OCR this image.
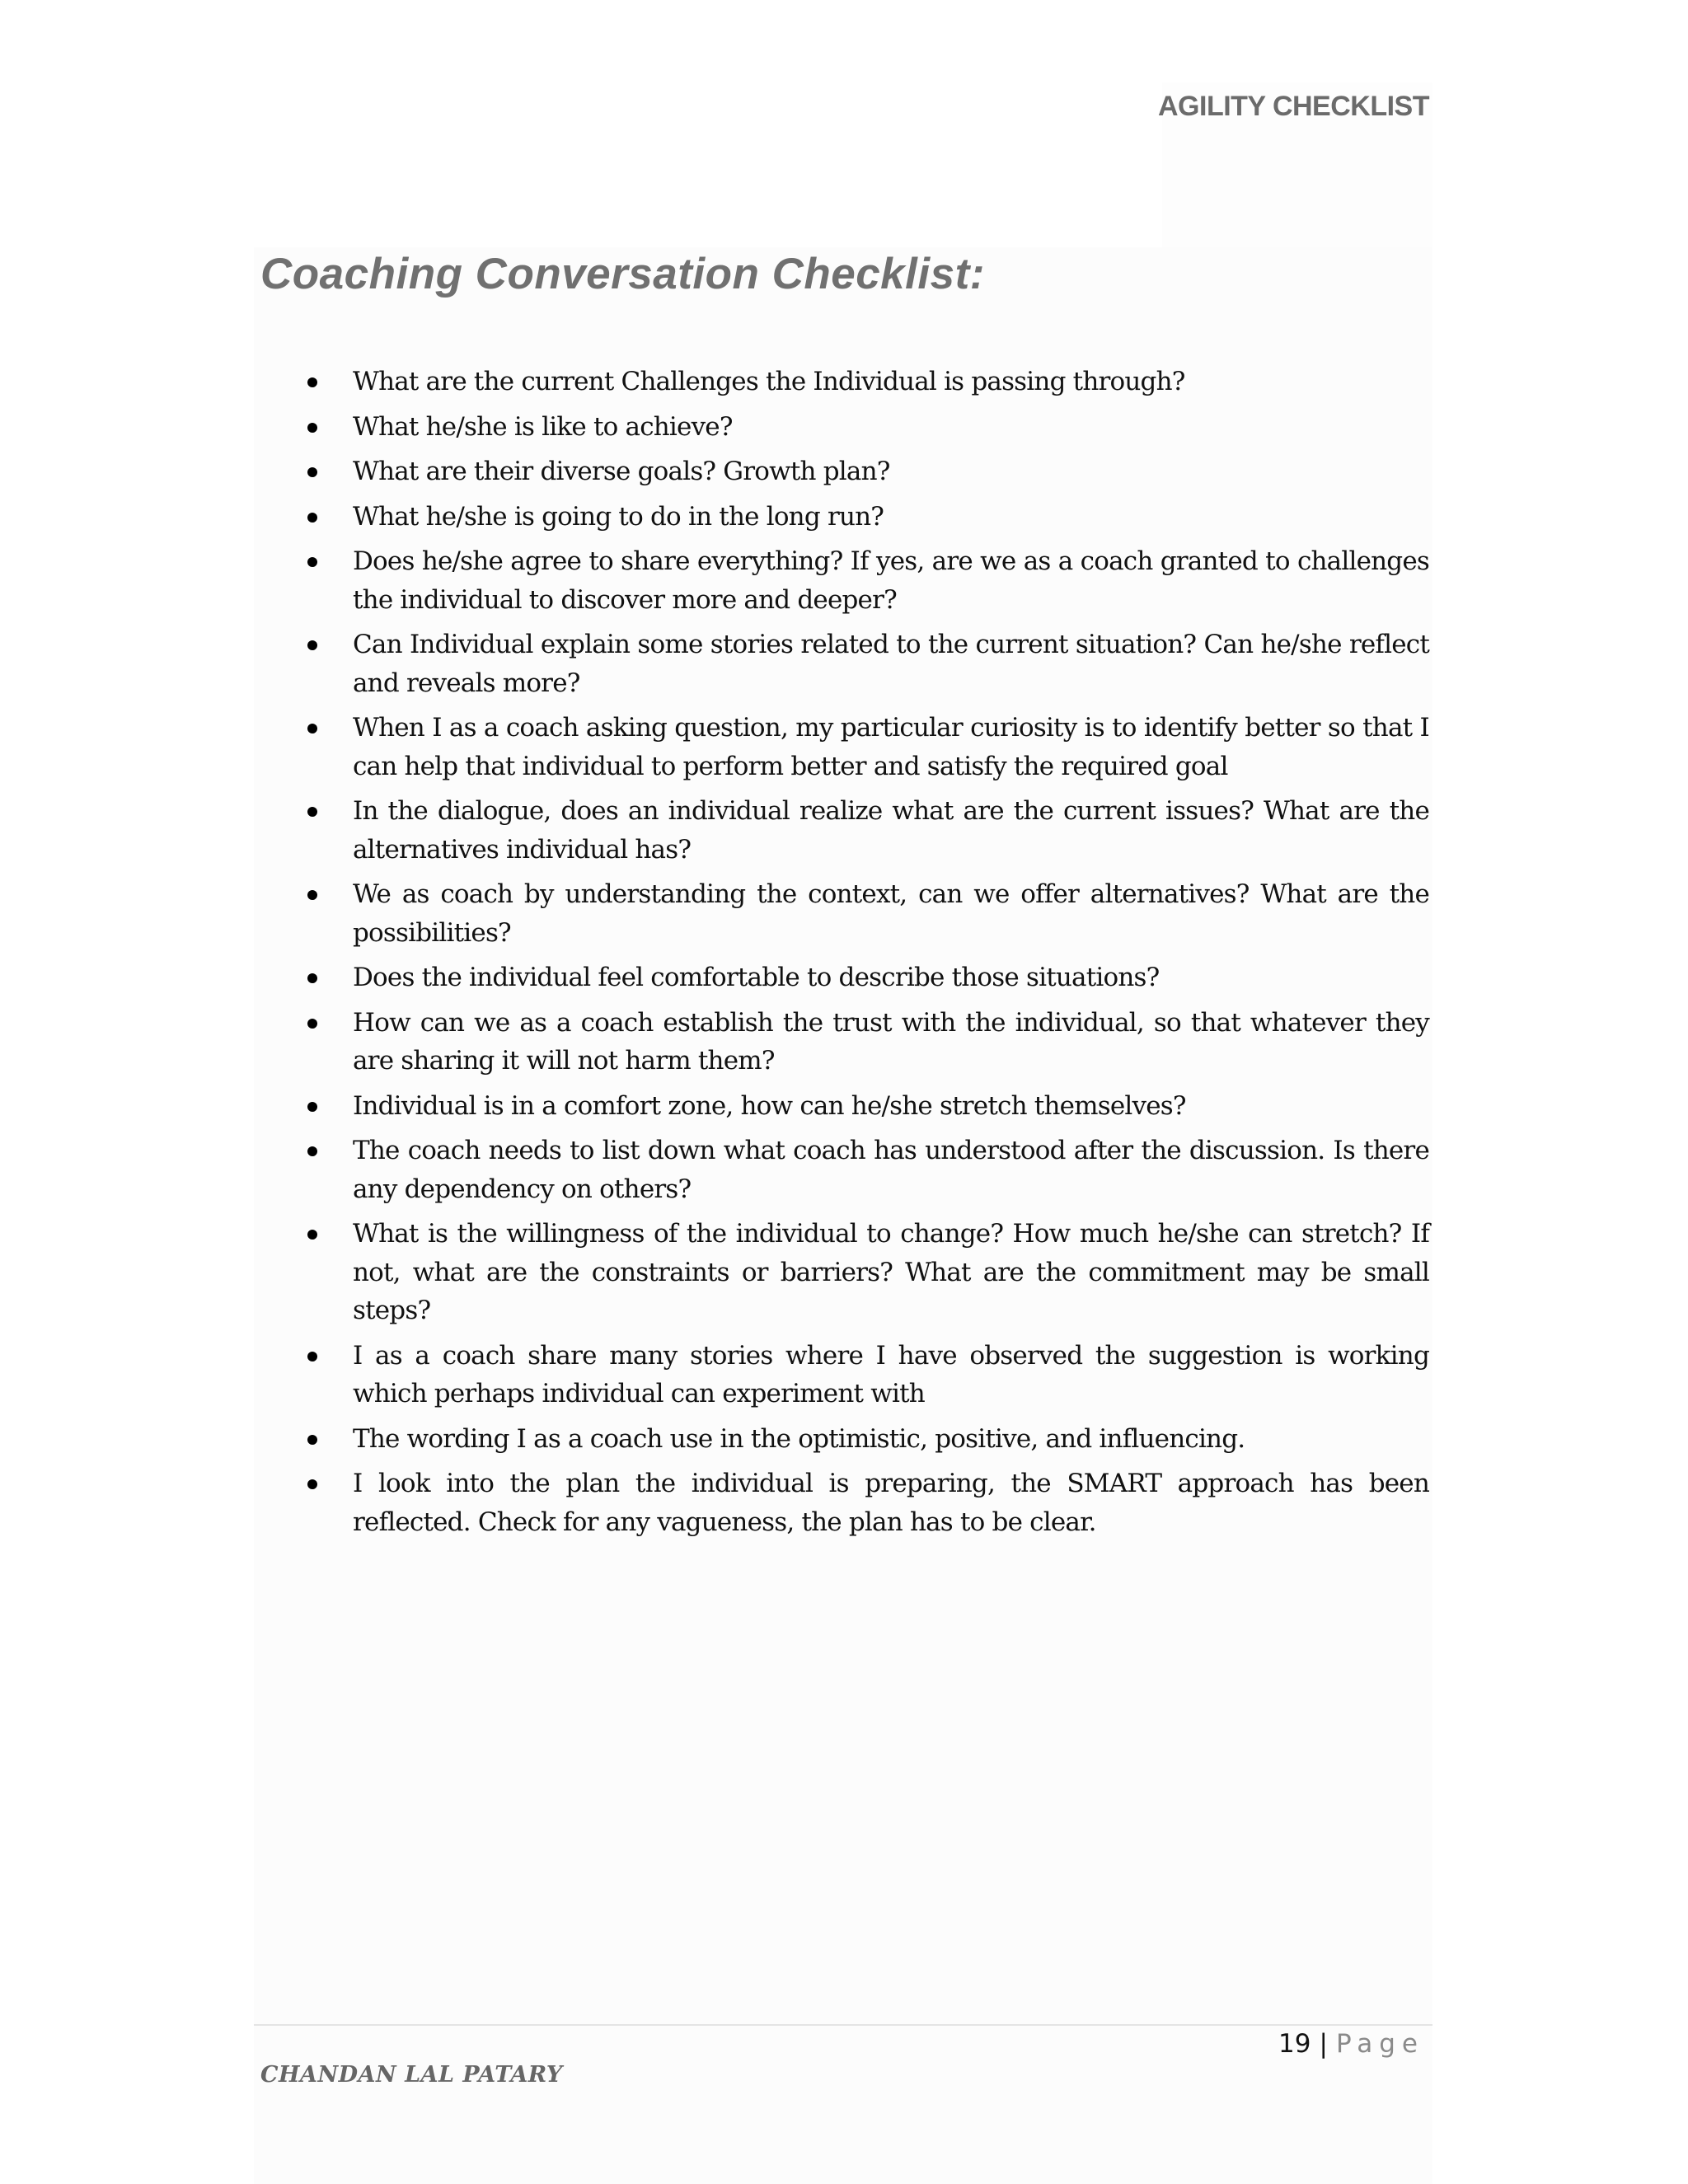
AGILITY CHECKLIST
Coaching Conversation Checklist:
What are the current Challenges the Individual is passing through?
What he/she is like to achieve?
What are their diverse goals? Growth plan?
What he/she is going to do in the long run?
Does he/she agree to share everything? If yes, are we as a coach granted to challenges the individual to discover more and deeper?
Can Individual explain some stories related to the current situation? Can he/she reflect and reveals more?
When I as a coach asking question, my particular curiosity is to identify better so that I can help that individual to perform better and satisfy the required goal
In the dialogue, does an individual realize what are the current issues? What are the alternatives individual has?
We as coach by understanding the context, can we offer alternatives? What are the possibilities?
Does the individual feel comfortable to describe those situations?
How can we as a coach establish the trust with the individual, so that whatever they are sharing it will not harm them?
Individual is in a comfort zone, how can he/she stretch themselves?
The coach needs to list down what coach has understood after the discussion. Is there any dependency on others?
What is the willingness of the individual to change? How much he/she can stretch? If not, what are the constraints or barriers? What are the commitment may be small steps?
I as a coach share many stories where I have observed the suggestion is working which perhaps individual can experiment with
The wording I as a coach use in the optimistic, positive, and influencing.
I look into the plan the individual is preparing, the SMART approach has been reflected. Check for any vagueness, the plan has to be clear.
19 | Page
CHANDAN LAL PATARY
